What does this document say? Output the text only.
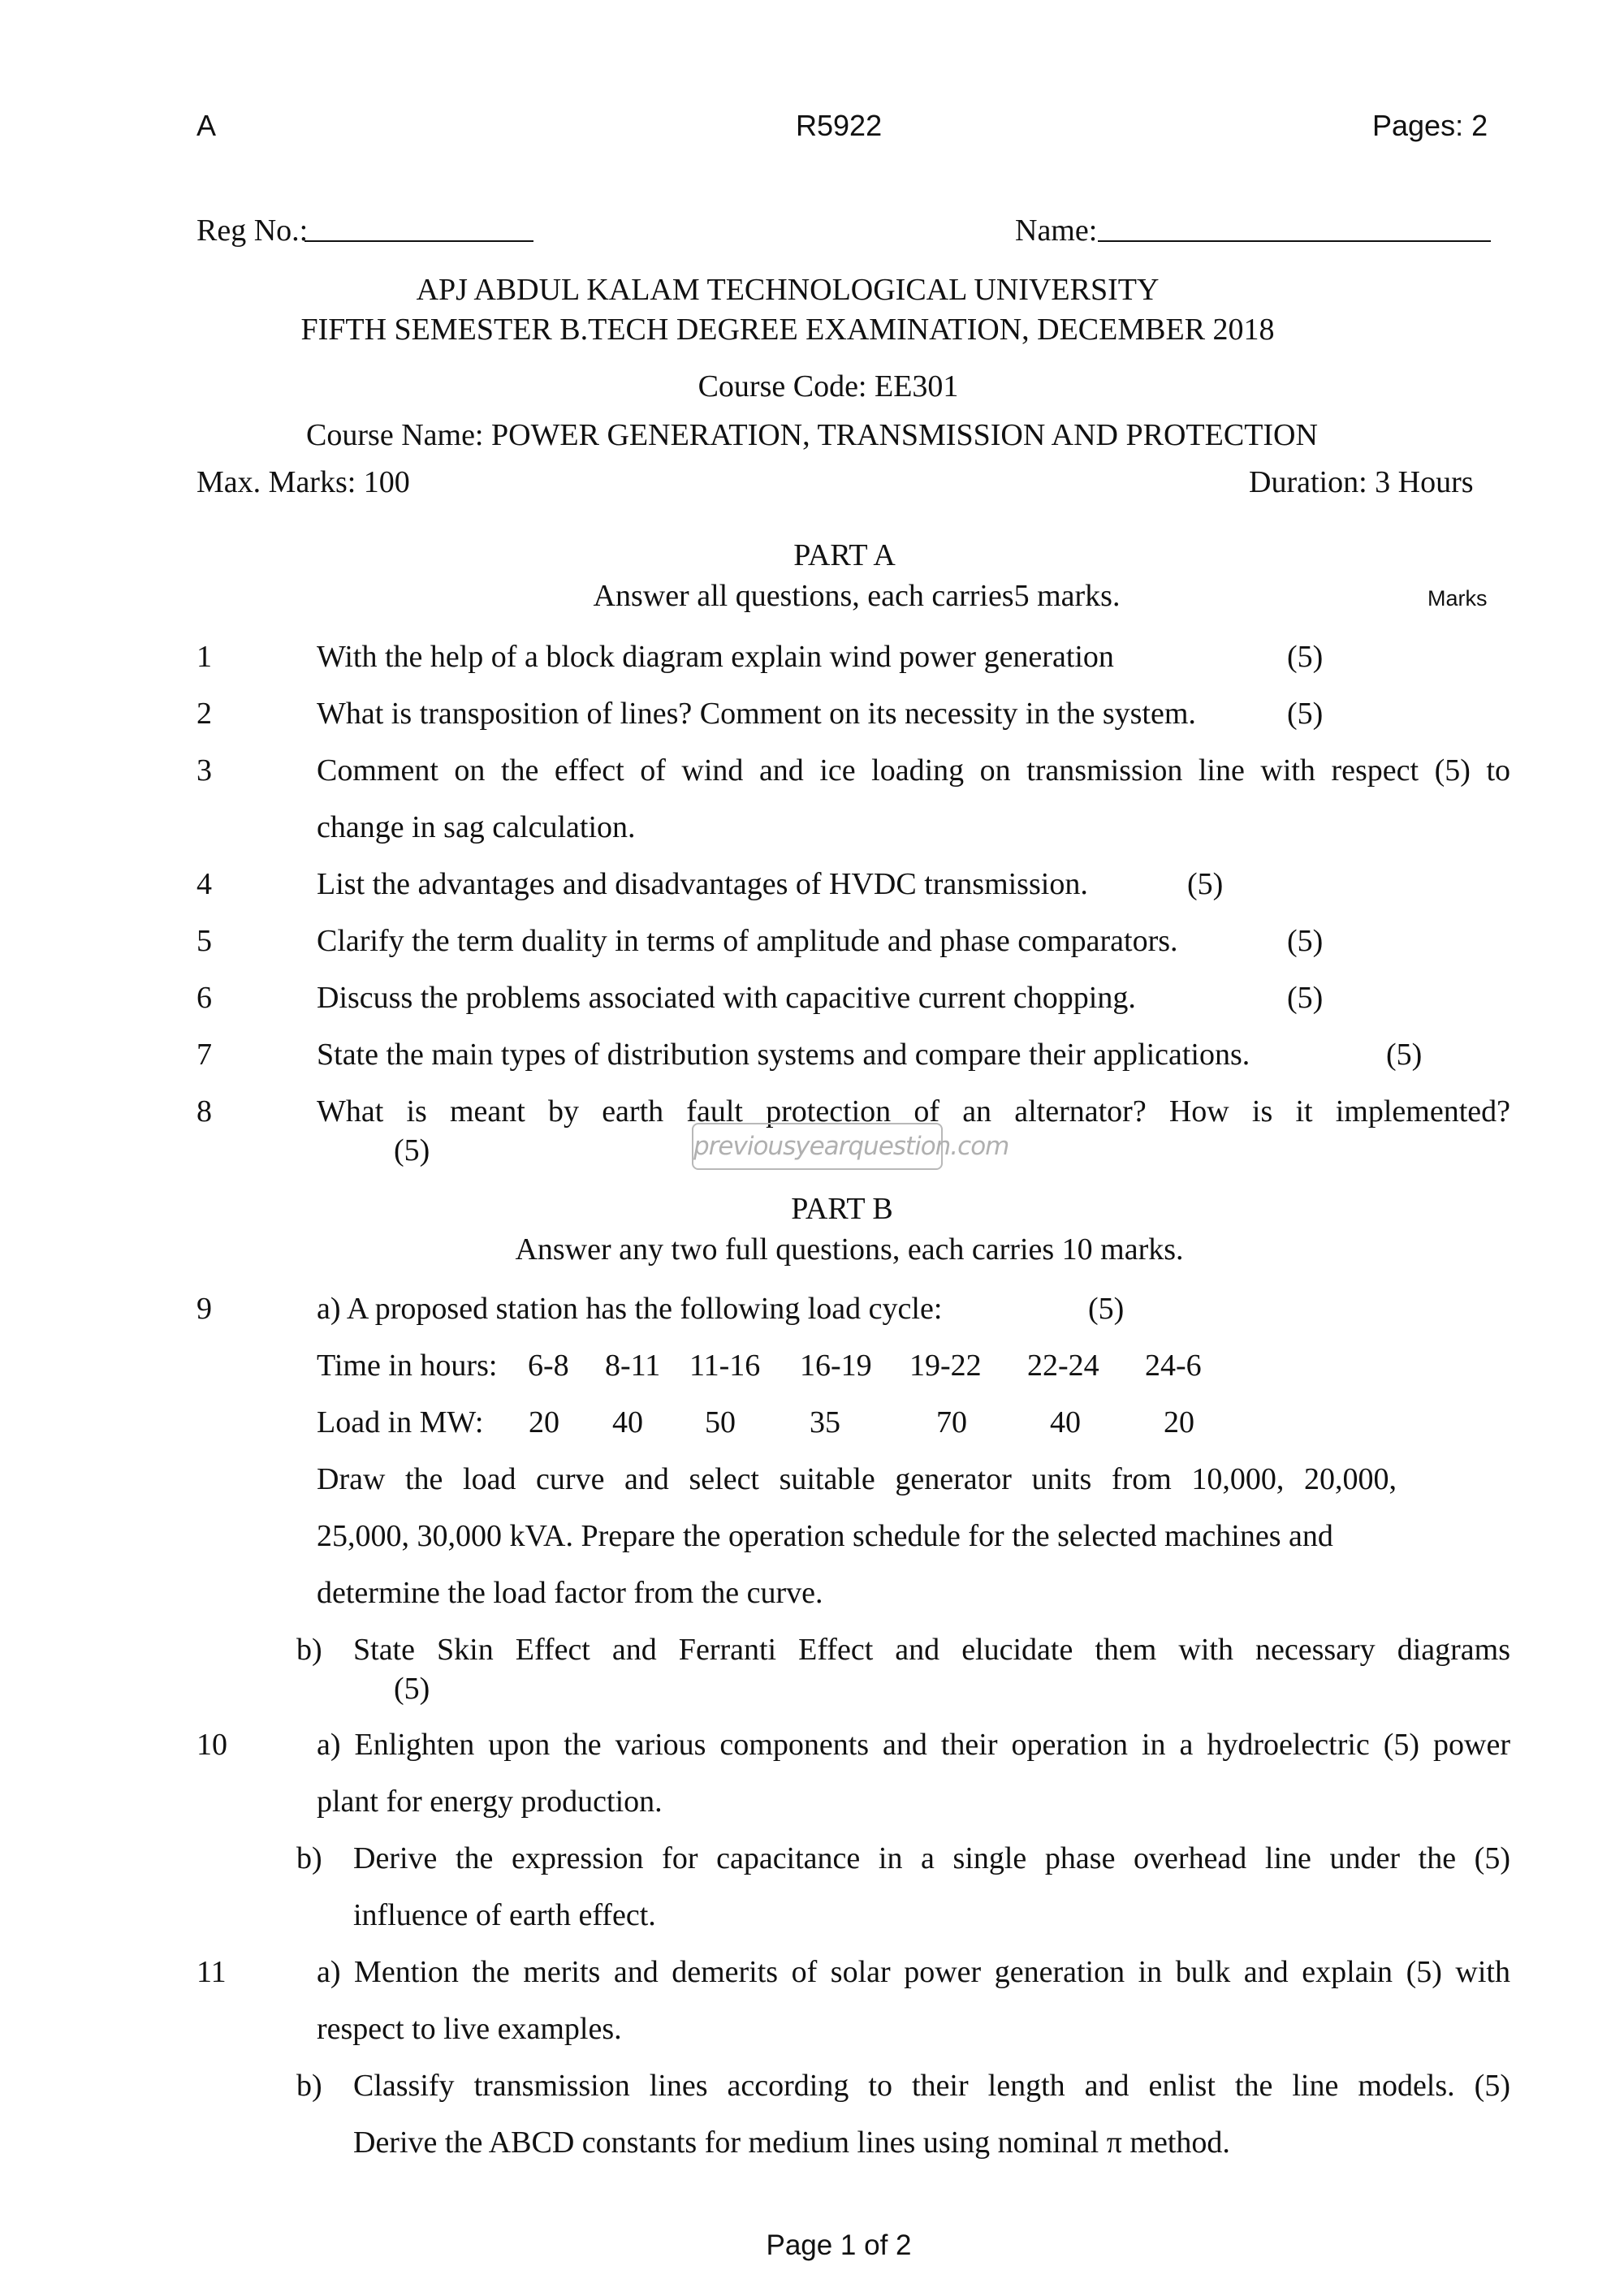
A	R5922	Pages: 2
Reg No.:	Name:
APJ ABDUL KALAM TECHNOLOGICAL UNIVERSITY
FIFTH SEMESTER B.TECH DEGREE EXAMINATION, DECEMBER 2018
Course Code: EE301
Course Name: POWER GENERATION, TRANSMISSION AND PROTECTION
Max. Marks: 100	Duration: 3 Hours
PART A
Answer all questions, each carries5 marks.	Marks
1	With the help of a block diagram explain wind power generation	(5)
2	What is transposition of lines? Comment on its necessity in the system.	(5)
3	Comment on the effect of wind and ice loading on transmission line with respect (5) to
change in sag calculation.
4	List the advantages and disadvantages of HVDC transmission.	(5)
5	Clarify the term duality in terms of amplitude and phase comparators.	(5)
6	Discuss the problems associated with capacitive current chopping.	(5)
7	State the main types of distribution systems and compare their applications.	(5)
8	What is meant by earth fault protection of an alternator? How is it implemented?
(5)	previousyearquestion.com
PART B
Answer any two full questions, each carries 10 marks.
9	a) A proposed station has the following load cycle:	(5)
Time in hours: 6-8 8-11 11-16 16-19 19-22 22-24 24-6
Load in MW: 20 40 50 35	70	40	20
Draw the load curve and select suitable generator units from 10,000, 20,000,
25,000, 30,000 kVA. Prepare the operation schedule for the selected machines and
determine the load factor from the curve.
b) State Skin Effect and Ferranti Effect and elucidate them with necessary diagrams
(5)
10	a) Enlighten upon the various components and their operation in a hydroelectric (5) power
plant for energy production.
b) Derive the expression for capacitance in a single phase overhead line under the (5)
influence of earth effect.
11	a) Mention the merits and demerits of solar power generation in bulk and explain (5) with
respect to live examples.
b) Classify transmission lines according to their length and enlist the line models. (5)
Derive the ABCD constants for medium lines using nominal π method.
Page 1 of 2
